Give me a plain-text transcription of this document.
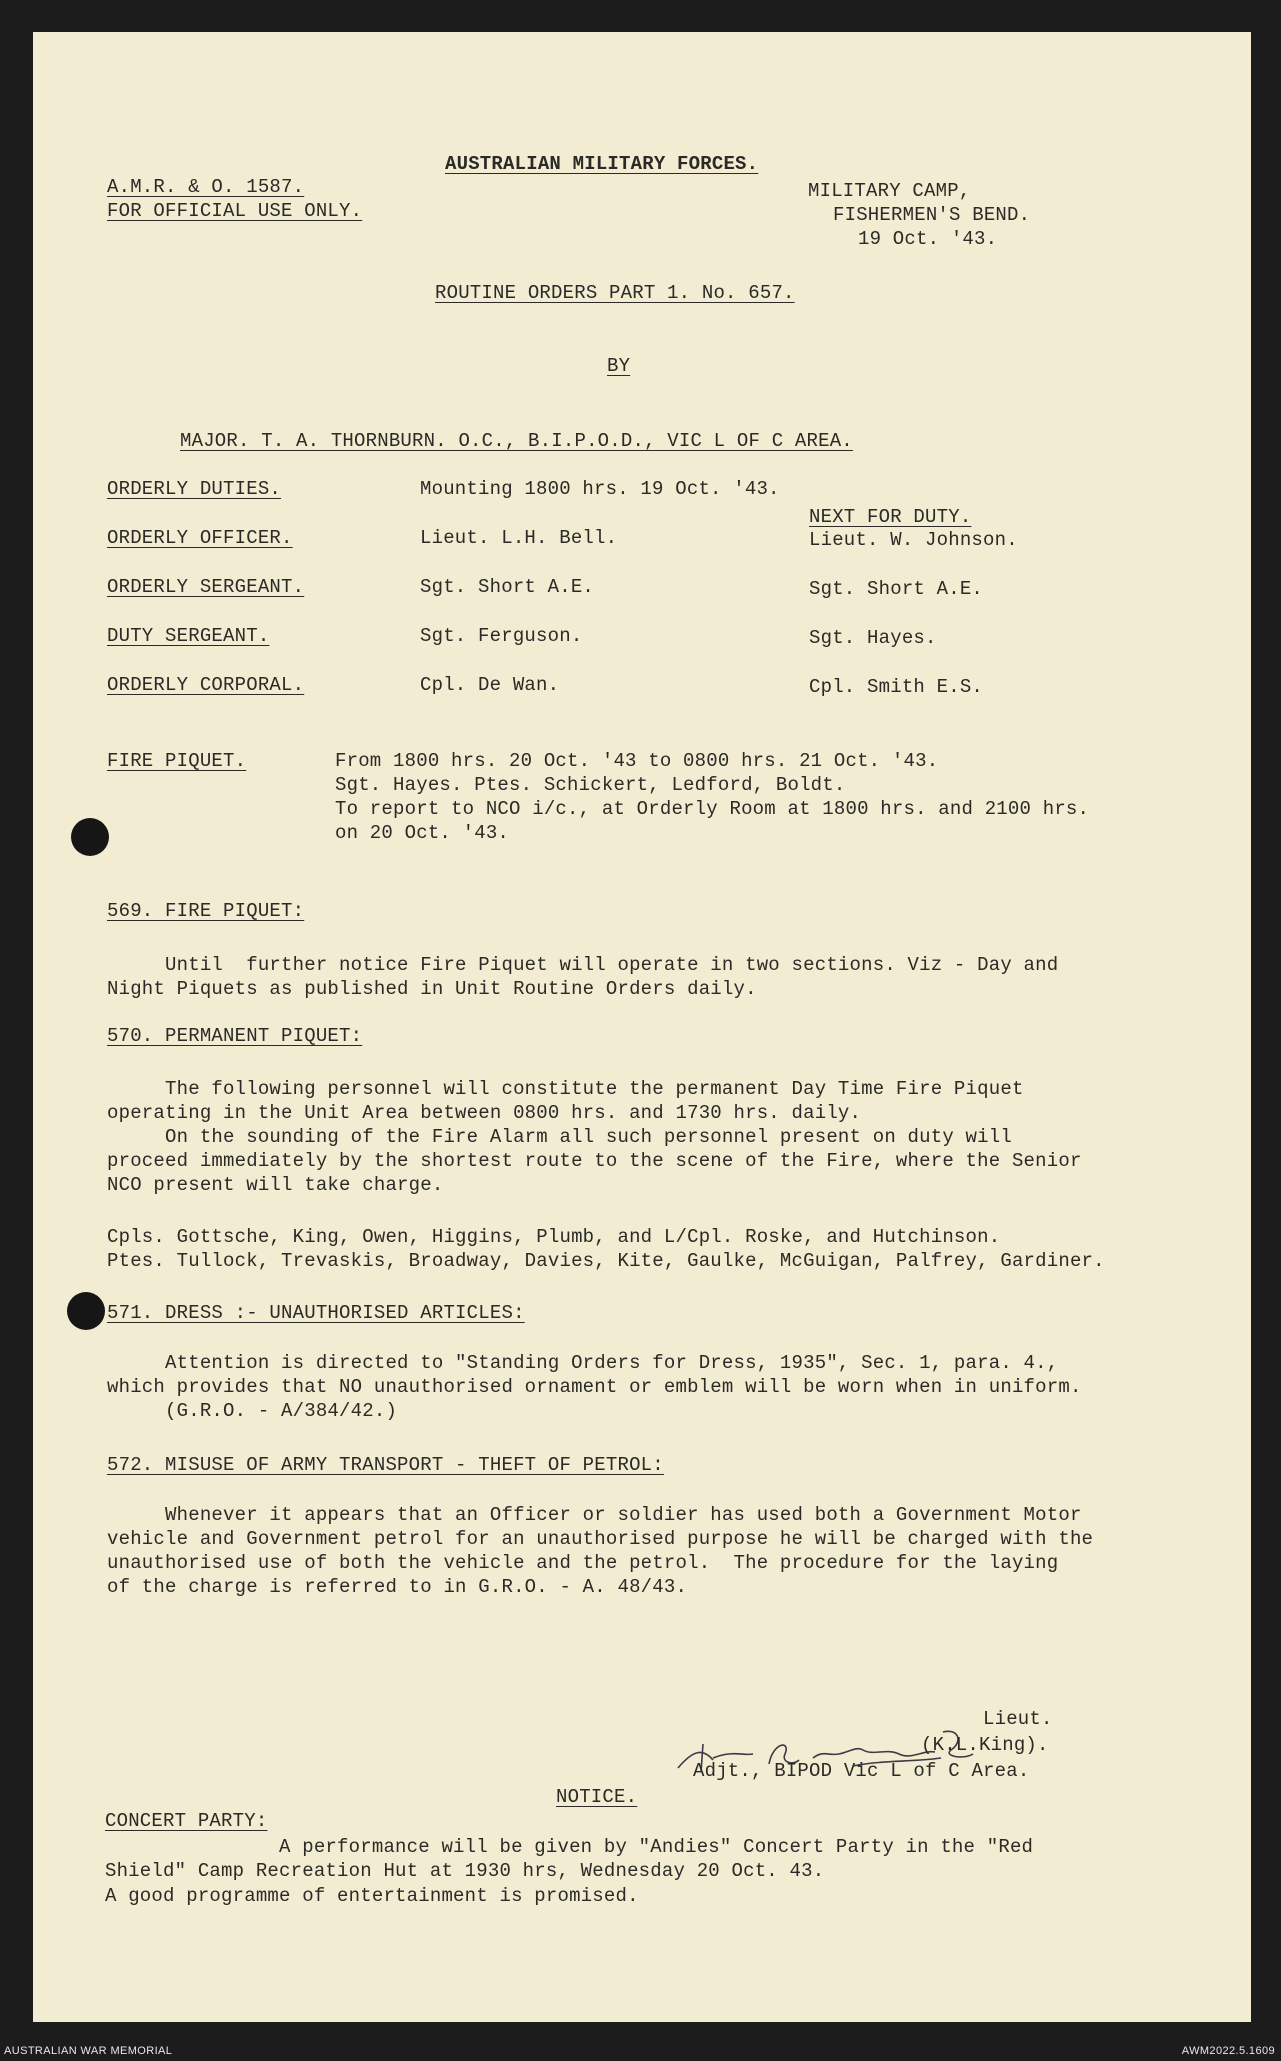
AUSTRALIAN MILITARY FORCES.
A.M.R. & O. 1587.
FOR OFFICIAL USE ONLY.
MILITARY CAMP,
FISHERMEN'S BEND.
19 Oct. '43.
ROUTINE ORDERS PART 1. No. 657.
BY
MAJOR. T. A. THORNBURN. O.C., B.I.P.O.D., VIC L OF C AREA.
NEXT FOR DUTY.
ORDERLY DUTIES.	Mounting 1800 hrs. 19 Oct. '43.
ORDERLY OFFICER.	Lieut. L.H. Bell.	Lieut. W. Johnson.
ORDERLY SERGEANT.	Sgt. Short A.E.	Sgt. Short A.E.
DUTY SERGEANT.	Sgt. Ferguson.	Sgt. Hayes.
ORDERLY CORPORAL.	Cpl. De Wan.	Cpl. Smith E.S.
FIRE PIQUET.	From 1800 hrs. 20 Oct. '43 to 0800 hrs. 21 Oct. '43.
Sgt. Hayes. Ptes. Schickert, Ledford, Boldt.
To report to NCO i/c., at Orderly Room at 1800 hrs. and 2100 hrs.
on 20 Oct. '43.
569. FIRE PIQUET:
Until  further notice Fire Piquet will operate in two sections. Viz - Day and
Night Piquets as published in Unit Routine Orders daily.
570. PERMANENT PIQUET:
The following personnel will constitute the permanent Day Time Fire Piquet
operating in the Unit Area between 0800 hrs. and 1730 hrs. daily.
On the sounding of the Fire Alarm all such personnel present on duty will
proceed immediately by the shortest route to the scene of the Fire, where the Senior
NCO present will take charge.
Cpls. Gottsche, King, Owen, Higgins, Plumb, and L/Cpl. Roske, and Hutchinson.
Ptes. Tullock, Trevaskis, Broadway, Davies, Kite, Gaulke, McGuigan, Palfrey, Gardiner.
571. DRESS :- UNAUTHORISED ARTICLES:
Attention is directed to "Standing Orders for Dress, 1935", Sec. 1, para. 4.,
which provides that NO unauthorised ornament or emblem will be worn when in uniform.
(G.R.O. - A/384/42.)
572. MISUSE OF ARMY TRANSPORT - THEFT OF PETROL:
Whenever it appears that an Officer or soldier has used both a Government Motor
vehicle and Government petrol for an unauthorised purpose he will be charged with the
unauthorised use of both the vehicle and the petrol.  The procedure for the laying
of the charge is referred to in G.R.O. - A. 48/43.
Lieut.
(K.L.King).
Adjt., BIPOD Vic L of C Area.
NOTICE.
CONCERT PARTY:
A performance will be given by "Andies" Concert Party in the "Red
Shield" Camp Recreation Hut at 1930 hrs, Wednesday 20 Oct. 43.
A good programme of entertainment is promised.
AUSTRALIAN WAR MEMORIAL	AWM2022.5.1609
